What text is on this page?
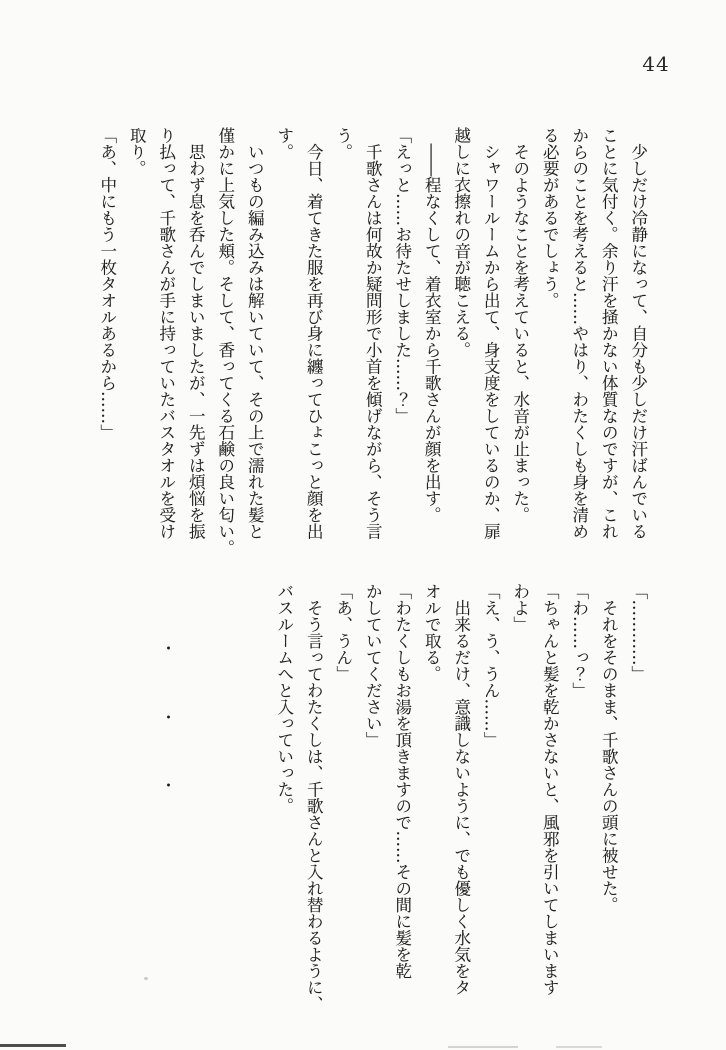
44
　少しだけ冷静になって、自分も少しだけ汗ばんでいる
ことに気付く。余り汗を掻かない体質なのですが、これ
からのことを考えると……やはり、わたくしも身を清め
る必要があるでしょう。
　そのようなことを考えていると、水音が止まった。
　シャワールームから出て、身支度をしているのか、扉
越しに衣擦れの音が聴こえる。
　――程なくして、着衣室から千歌さんが顔を出す。
「えっと……お待たせしました……？」
　千歌さんは何故か疑問形で小首を傾げながら、そう言
う。
　今日、着てきた服を再び身に纏ってひょこっと顔を出
す。
　いつもの編み込みは解いていて、その上で濡れた髪と
僅かに上気した頬。そして、香ってくる石鹸の良い匂い。
　思わず息を呑んでしまいましたが、一先ずは煩悩を振
り払って、千歌さんが手に持っていたバスタオルを受け
取り。
「あ、中にもう一枚タオルあるから……」
「…………」
　それをそのまま、千歌さんの頭に被せた。
「わ……っ？」
「ちゃんと髪を乾かさないと、風邪を引いてしまいます
わよ」
「え、う、うん……」
　出来るだけ、意識しないように、でも優しく水気をタ
オルで取る。
「わたくしもお湯を頂きますので……その間に髪を乾
かしていてください」
「あ、うん」
　そう言ってわたくしは、千歌さんと入れ替わるように、
バスルームへと入っていった。
・
・
・
